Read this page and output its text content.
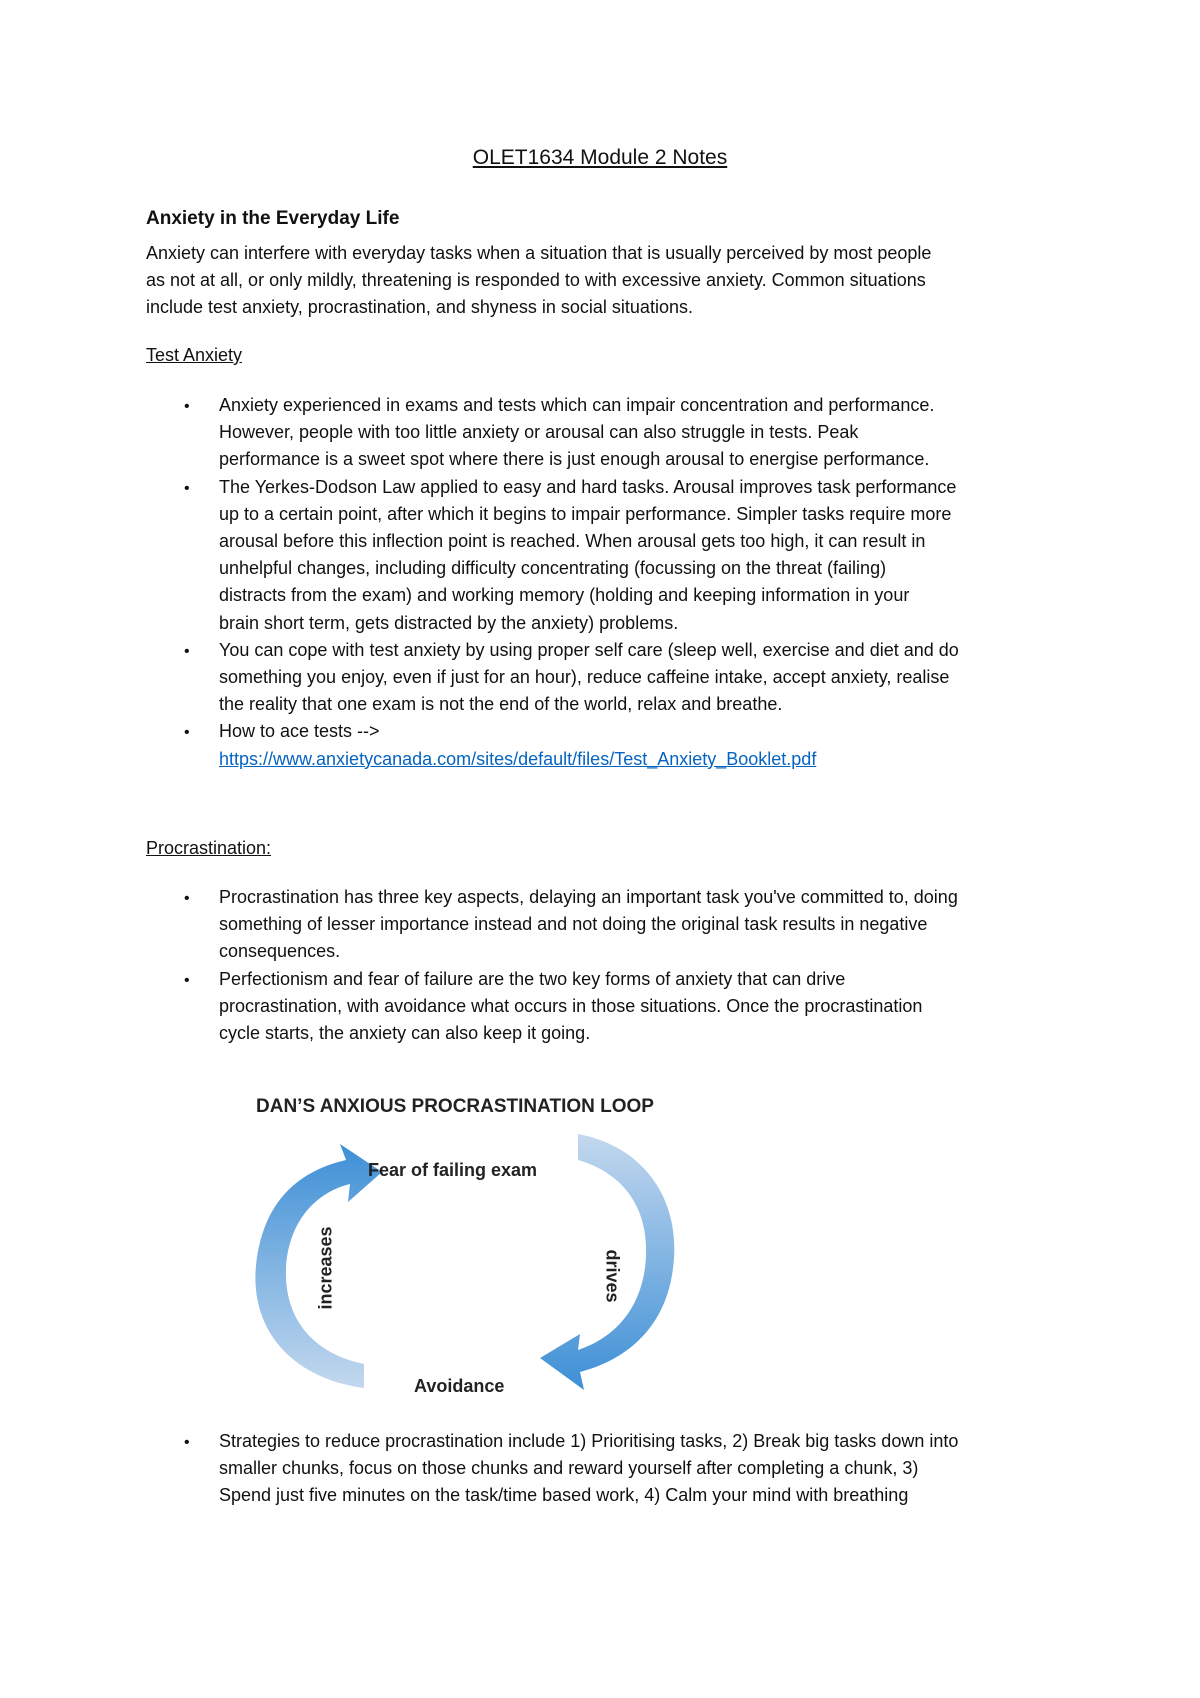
OLET1634 Module 2 Notes
Anxiety in the Everyday Life

Anxiety can interfere with everyday tasks when a situation that is usually perceived by most people
as not at all, or only mildly, threatening is responded to with excessive anxiety. Common situations
include test anxiety, procrastination, and shyness in social situations.

Test Anxiety
• Anxiety experienced in exams and tests which can impair concentration and performance.
However, people with too little anxiety or arousal can also struggle in tests. Peak
performance is a sweet spot where there is just enough arousal to energise performance.
• The Yerkes-Dodson Law applied to easy and hard tasks. Arousal improves task performance
up to a certain point, after which it begins to impair performance. Simpler tasks require more
arousal before this inflection point is reached. When arousal gets too high, it can result in
unhelpful changes, including difficulty concentrating (focussing on the threat (failing)
distracts from the exam) and working memory (holding and keeping information in your
brain short term, gets distracted by the anxiety) problems.
• You can cope with test anxiety by using proper self care (sleep well, exercise and diet and do
something you enjoy, even if just for an hour), reduce caffeine intake, accept anxiety, realise
the reality that one exam is not the end of the world, relax and breathe.
• How to ace tests -->
https://www.anxietycanada.com/sites/default/files/Test_Anxiety_Booklet.pdf
Procrastination:
• Procrastination has three key aspects, delaying an important task you've committed to, doing
something of lesser importance instead and not doing the original task results in negative
consequences.
• Perfectionism and fear of failure are the two key forms of anxiety that can drive
procrastination, with avoidance what occurs in those situations. Once the procrastination
cycle starts, the anxiety can also keep it going.
DAN’S ANXIOUS PROCRASTINATION LOOP
Fear of failing exam
Avoidance
increases	drives
• Strategies to reduce procrastination include 1) Prioritising tasks, 2) Break big tasks down into
smaller chunks, focus on those chunks and reward yourself after completing a chunk, 3)
Spend just five minutes on the task/time based work, 4) Calm your mind with breathing
